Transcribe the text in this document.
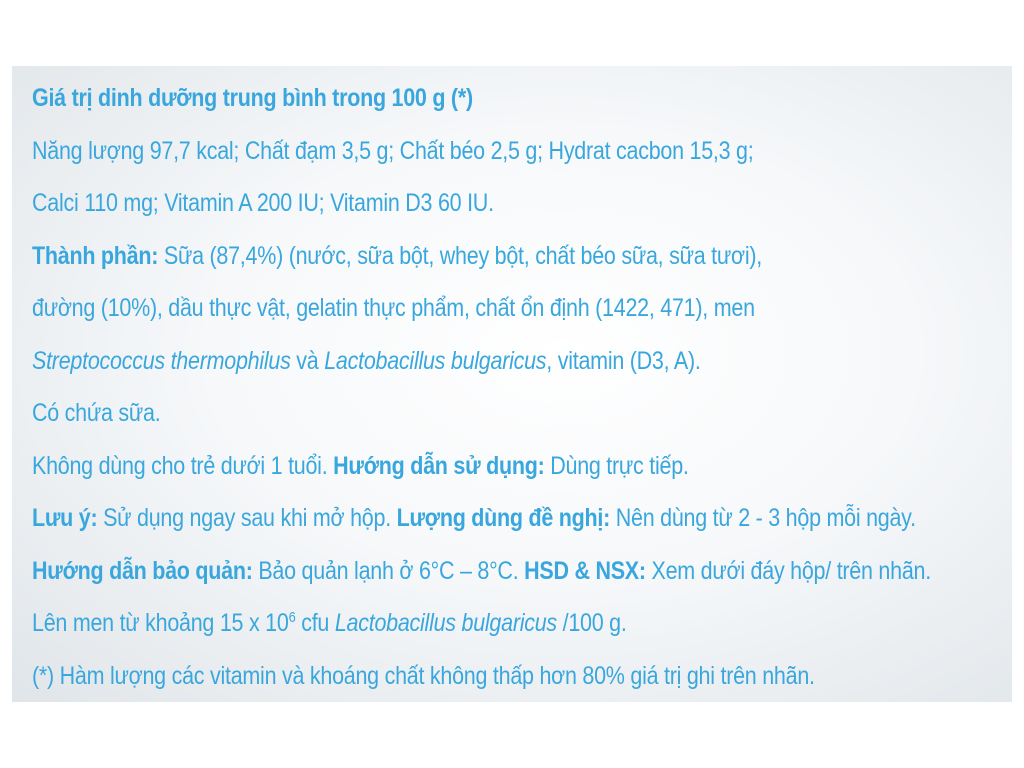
Giá trị dinh dưỡng trung bình trong 100 g (*)
Năng lượng 97,7 kcal; Chất đạm 3,5 g; Chất béo 2,5 g; Hydrat cacbon 15,3 g;
Calci 110 mg; Vitamin A 200 IU; Vitamin D3 60 IU.
Thành phần: Sữa (87,4%) (nước, sữa bột, whey bột, chất béo sữa, sữa tươi),
đường (10%), dầu thực vật, gelatin thực phẩm, chất ổn định (1422, 471), men
Streptococcus thermophilus và Lactobacillus bulgaricus, vitamin (D3, A).
Có chứa sữa.
Không dùng cho trẻ dưới 1 tuổi. Hướng dẫn sử dụng: Dùng trực tiếp.
Lưu ý: Sử dụng ngay sau khi mở hộp. Lượng dùng đề nghị: Nên dùng từ 2 - 3 hộp mỗi ngày.
Hướng dẫn bảo quản: Bảo quản lạnh ở 6°C – 8°C. HSD & NSX: Xem dưới đáy hộp/ trên nhãn.
Lên men từ khoảng 15 x $10^6$ cfu Lactobacillus bulgaricus /100 g.
(*) Hàm lượng các vitamin và khoáng chất không thấp hơn 80% giá trị ghi trên nhãn.
